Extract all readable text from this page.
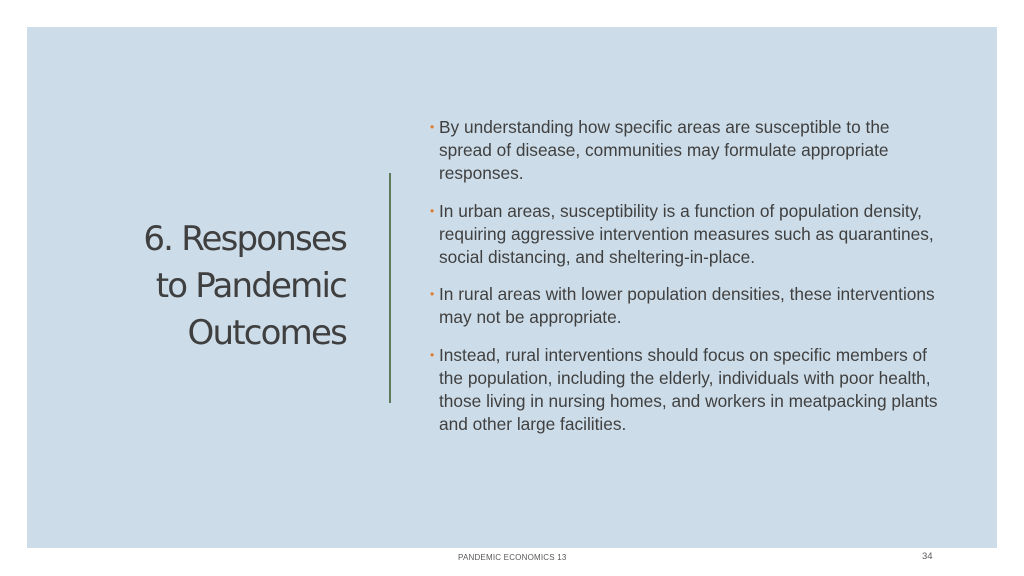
6. Responses
to Pandemic
Outcomes
• By understanding how specific areas are susceptible to the spread of disease, communities may formulate appropriate responses.
• In urban areas, susceptibility is a function of population density, requiring aggressive intervention measures such as quarantines, social distancing, and sheltering-in-place.
• In rural areas with lower population densities, these interventions may not be appropriate.
• Instead, rural interventions should focus on specific members of the population, including the elderly, individuals with poor health, those living in nursing homes, and workers in meatpacking plants and other large facilities.
PANDEMIC ECONOMICS 13	34
